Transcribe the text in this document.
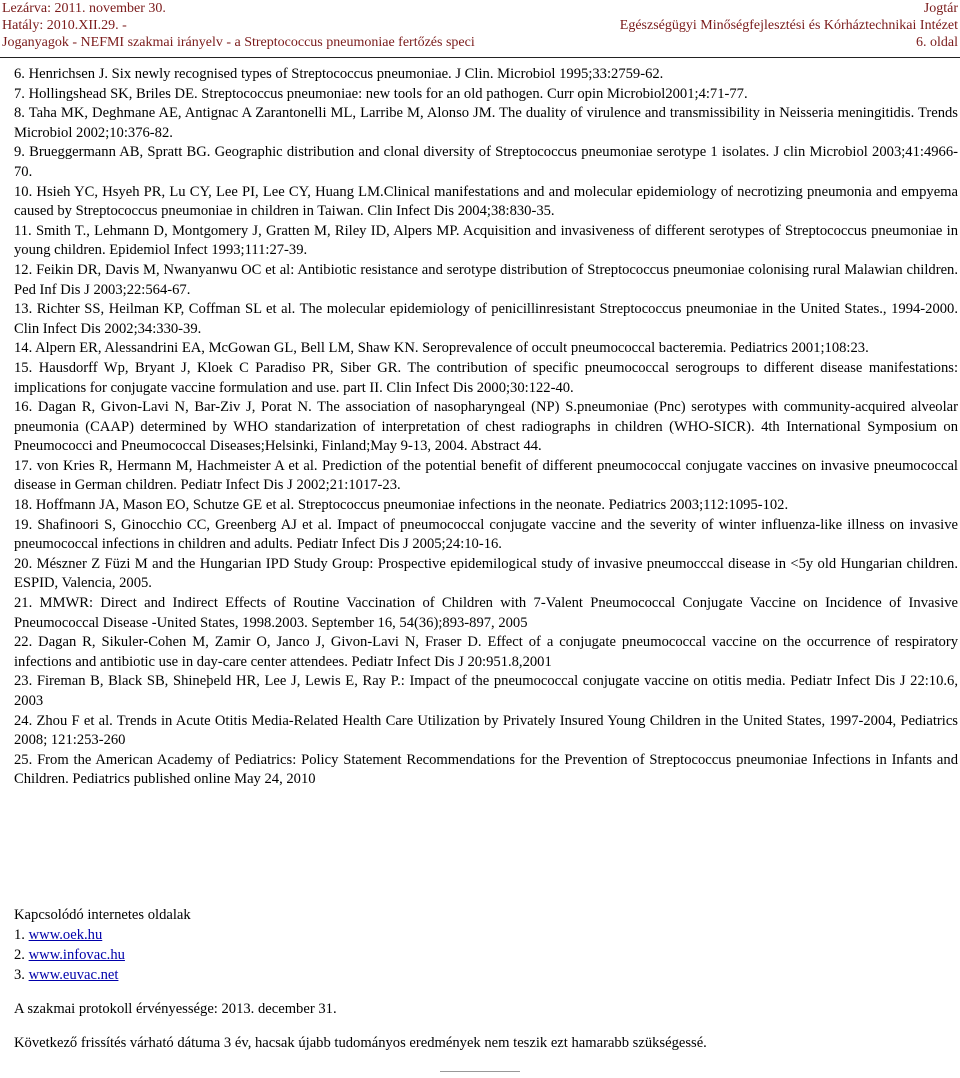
Lezárva: 2011. november 30.	Jogtár
Hatály: 2010.XII.29. -	Egészségügyi Minőségfejlesztési és Kórháztechnikai Intézet
Joganyagok - NEFMI szakmai irányelv - a Streptococcus pneumoniae fertőzés speci	6. oldal

6. Henrichsen J. Six newly recognised types of Streptococcus pneumoniae. J Clin. Microbiol 1995;33:2759-62.

7. Hollingshead SK, Briles DE. Streptococcus pneumoniae: new tools for an old pathogen. Curr opin Microbiol2001;4:71-77.

8. Taha MK, Deghmane AE, Antignac A Zarantonelli ML, Larribe M, Alonso JM. The duality of virulence and transmissibility in Neisseria meningitidis. Trends Microbiol 2002;10:376-82.

9. Brueggermann AB, Spratt BG. Geographic distribution and clonal diversity of Streptococcus pneumoniae serotype 1 isolates. J clin Microbiol 2003;41:4966-70.

10. Hsieh YC, Hsyeh PR, Lu CY, Lee PI, Lee CY, Huang LM.Clinical manifestations and and molecular epidemiology of necrotizing pneumonia and empyema caused by Streptococcus pneumoniae in children in Taiwan. Clin Infect Dis 2004;38:830-35.

11. Smith T., Lehmann D, Montgomery J, Gratten M, Riley ID, Alpers MP. Acquisition and invasiveness of different serotypes of Streptococcus pneumoniae in young children. Epidemiol Infect 1993;111:27-39.

12. Feikin DR, Davis M, Nwanyanwu OC et al: Antibiotic resistance and serotype distribution of Streptococcus pneumoniae colonising rural Malawian children. Ped Inf Dis J 2003;22:564-67.

13. Richter SS, Heilman KP, Coffman SL et al. The molecular epidemiology of penicillinresistant Streptococcus pneumoniae in the United States., 1994-2000. Clin Infect Dis 2002;34:330-39.

14. Alpern ER, Alessandrini EA, McGowan GL, Bell LM, Shaw KN. Seroprevalence of occult pneumococcal bacteremia. Pediatrics 2001;108:23.

15. Hausdorff Wp, Bryant J, Kloek C Paradiso PR, Siber GR. The contribution of specific pneumococcal serogroups to different disease manifestations: implications for conjugate vaccine formulation and use. part II. Clin Infect Dis 2000;30:122-40.

16. Dagan R, Givon-Lavi N, Bar-Ziv J, Porat N. The association of nasopharyngeal (NP) S.pneumoniae (Pnc) serotypes with community-acquired alveolar pneumonia (CAAP) determined by WHO standarization of interpretation of chest radiographs in children (WHO-SICR). 4th International Symposium on Pneumococci and Pneumococcal Diseases;Helsinki, Finland;May 9-13, 2004. Abstract 44.

17. von Kries R, Hermann M, Hachmeister A et al. Prediction of the potential benefit of different pneumococcal conjugate vaccines on invasive pneumococcal disease in German children. Pediatr Infect Dis J 2002;21:1017-23.

18. Hoffmann JA, Mason EO, Schutze GE et al. Streptococcus pneumoniae infections in the neonate. Pediatrics 2003;112:1095-102.

19. Shafinoori S, Ginocchio CC, Greenberg AJ et al. Impact of pneumococcal conjugate vaccine and the severity of winter influenza-like illness on invasive pneumococcal infections in children and adults. Pediatr Infect Dis J 2005;24:10-16.

20. Mészner Z Füzi M and the Hungarian IPD Study Group: Prospective epidemilogical study of invasive pneumocccal disease in <5y old Hungarian children. ESPID, Valencia, 2005.

21. MMWR: Direct and Indirect Effects of Routine Vaccination of Children with 7-Valent Pneumococcal Conjugate Vaccine on Incidence of Invasive Pneumococcal Disease -United States, 1998.2003. September 16, 54(36);893-897, 2005

22. Dagan R, Sikuler-Cohen M, Zamir O, Janco J, Givon-Lavi N, Fraser D. Effect of a conjugate pneumococcal vaccine on the occurrence of respiratory infections and antibiotic use in day-care center attendees. Pediatr Infect Dis J 20:951.8,2001

23. Fireman B, Black SB, Shineþeld HR, Lee J, Lewis E, Ray P.: Impact of the pneumococcal conjugate vaccine on otitis media. Pediatr Infect Dis J 22:10.6, 2003

24. Zhou F et al. Trends in Acute Otitis Media-Related Health Care Utilization by Privately Insured Young Children in the United States, 1997-2004, Pediatrics 2008; 121:253-260

25. From the American Academy of Pediatrics: Policy Statement Recommendations for the Prevention of Streptococcus pneumoniae Infections in Infants and Children. Pediatrics published online May 24, 2010

Kapcsolódó internetes oldalak

1. www.oek.hu

2. www.infovac.hu

3. www.euvac.net

A szakmai protokoll érvényessége: 2013. december 31.

Következő frissítés várható dátuma 3 év, hacsak újabb tudományos eredmények nem teszik ezt hamarabb szükségessé.
